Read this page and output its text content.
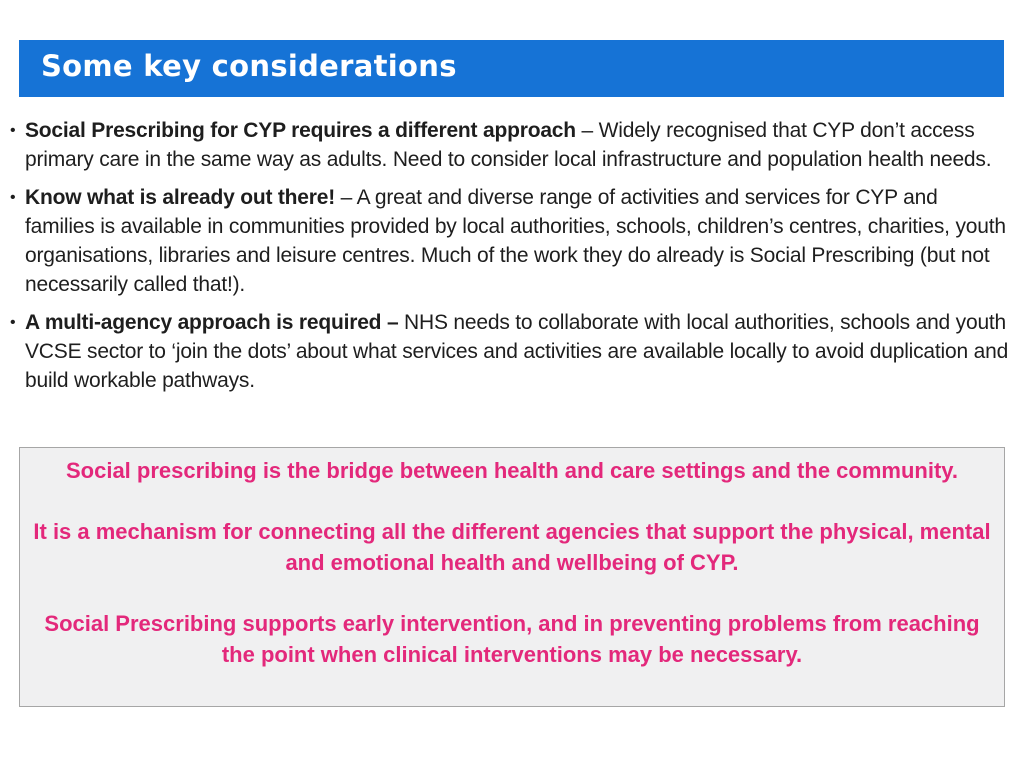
Some key considerations
• Social Prescribing for CYP requires a different approach – Widely recognised that CYP don’t access primary care in the same way as adults. Need to consider local infrastructure and population health needs.
• Know what is already out there! – A great and diverse range of activities and services for CYP and families is available in communities provided by local authorities, schools, children’s centres, charities, youth organisations, libraries and leisure centres. Much of the work they do already is Social Prescribing (but not necessarily called that!).
• A multi-agency approach is required – NHS needs to collaborate with local authorities, schools and youth VCSE sector to ‘join the dots’ about what services and activities are available locally to avoid duplication and build workable pathways.

Social prescribing is the bridge between health and care settings and the community.

It is a mechanism for connecting all the different agencies that support the physical, mental and emotional health and wellbeing of CYP.

Social Prescribing supports early intervention, and in preventing problems from reaching the point when clinical interventions may be necessary.
